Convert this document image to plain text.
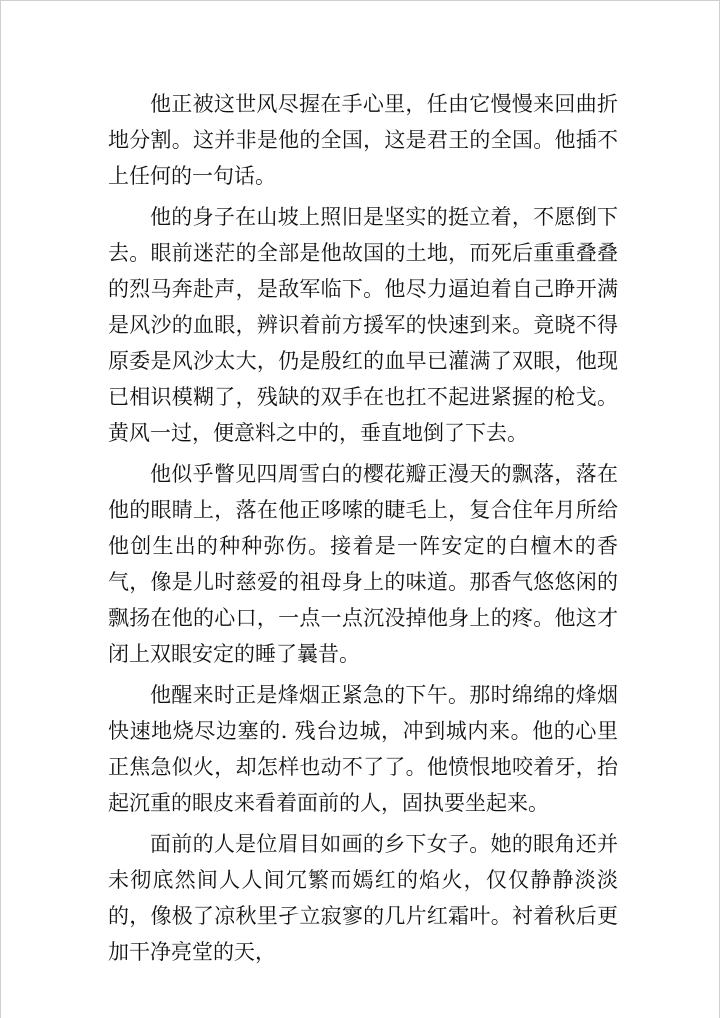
他正被这世风尽握在手心里，任由它慢慢来回曲折地分割。这并非是他的全国，这是君王的全国。他插不上任何的一句话。

他的身子在山坡上照旧是坚实的挺立着，不愿倒下去。眼前迷茫的全部是他故国的土地，而死后重重叠叠的烈马奔赴声，是敌军临下。他尽力逼迫着自己睁开满是风沙的血眼，辨识着前方援军的快速到来。竟晓不得原委是风沙太大，仍是殷红的血早已灌满了双眼，他现已相识模糊了，残缺的双手在也扛不起进紧握的枪戈。黄风一过，便意料之中的，垂直地倒了下去。

他似乎瞥见四周雪白的樱花瓣正漫天的飘落，落在他的眼睛上，落在他正哆嗦的睫毛上，复合住年月所给他创生出的种种弥伤。接着是一阵安定的白檀木的香气，像是儿时慈爱的祖母身上的味道。那香气悠悠闲的飘扬在他的心口，一点一点沉没掉他身上的疼。他这才闭上双眼安定的睡了曩昔。

他醒来时正是烽烟正紧急的下午。那时绵绵的烽烟快速地烧尽边塞的. 残台边城，冲到城内来。他的心里正焦急似火，却怎样也动不了了。他愤恨地咬着牙，抬起沉重的眼皮来看着面前的人，固执要坐起来。

面前的人是位眉目如画的乡下女子。她的眼角还并未彻底然间人人间冗繁而嫣红的焰火，仅仅静静淡淡的，像极了凉秋里孑立寂寥的几片红霜叶。衬着秋后更加干净亮堂的天，
